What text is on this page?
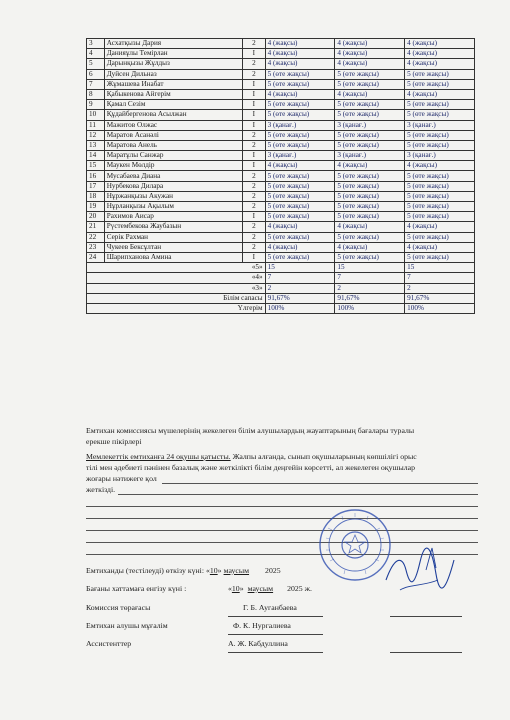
3	Асхатқызы Дария	2	4 (жақсы)	4 (жақсы)	4 (жақсы)
4	Данияұлы Темірлан	I	4 (жақсы)	4 (жақсы)	4 (жақсы)
5	Дарынқызы Жұлдыз	2	4 (жақсы)	4 (жақсы)	4 (жақсы)
6	Дуйсен Дильназ	2	5 (өте жақсы)	5 (өте жақсы)	5 (өте жақсы)
7	Жұмашева Инабат	I	5 (өте жақсы)	5 (өте жақсы)	5 (өте жақсы)
8	Қабыкенова Айгерім	I	4 (жақсы)	4 (жақсы)	4 (жақсы)
9	Қамал Сезім	I	5 (өте жақсы)	5 (өте жақсы)	5 (өте жақсы)
10	Құдайбергенова Асылжан	I	5 (өте жақсы)	5 (өте жақсы)	5 (өте жақсы)
11	Мажитов Олжас	I	3 (қанағ.)	3 (қанағ.)	3 (қанағ.)
12	Маратов Асанәлі	2	5 (өте жақсы)	5 (өте жақсы)	5 (өте жақсы)
13	Маратова Анель	2	5 (өте жақсы)	5 (өте жақсы)	5 (өте жақсы)
14	Маратұлы Санжар	I	3 (қанағ.)	3 (қанағ.)	3 (қанағ.)
15	Маукен Мөлдір	I	4 (жақсы)	4 (жақсы)	4 (жақсы)
16	Мусабаева Диана	2	5 (өте жақсы)	5 (өте жақсы)	5 (өте жақсы)
17	Нурбекова Дилара	2	5 (өте жақсы)	5 (өте жақсы)	5 (өте жақсы)
18	Нұржанқызы Акужан	2	5 (өте жақсы)	5 (өте жақсы)	5 (өте жақсы)
19	Нұрланқызы Ақылым	2	5 (өте жақсы)	5 (өте жақсы)	5 (өте жақсы)
20	Рахимов Аисар	I	5 (өте жақсы)	5 (өте жақсы)	5 (өте жақсы)
21	Рүстембекова Жаубазын	2	4 (жақсы)	4 (жақсы)	4 (жақсы)
22	Серік Рахман	2	5 (өте жақсы)	5 (өте жақсы)	5 (өте жақсы)
23	Чукеев Бексұлтан	2	4 (жақсы)	4 (жақсы)	4 (жақсы)
24	Шарипханова Амина	I	5 (өте жақсы)	5 (өте жақсы)	5 (өте жақсы)
«5»			15	15	15
«4»			7	7	7
«3»			2	2	2
Білім сапасы			91,67%	91,67%	91,67%
Үлгерім			100%	100%	100%
Емтихан комиссиясы мүшелерінің жекелеген білім алушылардың жауаптарының бағалары туралы
ерекше пікірлері
Мемлекеттік емтиханға 24 оқушы қатысты. Жалпы алғанда, сынып оқушыларының көпшілігі орыс
тілі мен әдебиеті пәнінен базалық және жеткілікті білім деңгейін көрсетті, ал жекелеген оқушылар
жоғары нәтижеге қол
жеткізді.
Емтиханды (тестілеуді) өткізу күні: «10» маусым 2025
Бағаны хаттамаға енгізу күні :	«10» маусым 2025 ж.
Комиссия төрағасы	Г. Б. Ауганбаева
Емтихан алушы мұғалім	Ф. К. Нургалиева
Ассистенттер	А. Ж. Кабдуллина
